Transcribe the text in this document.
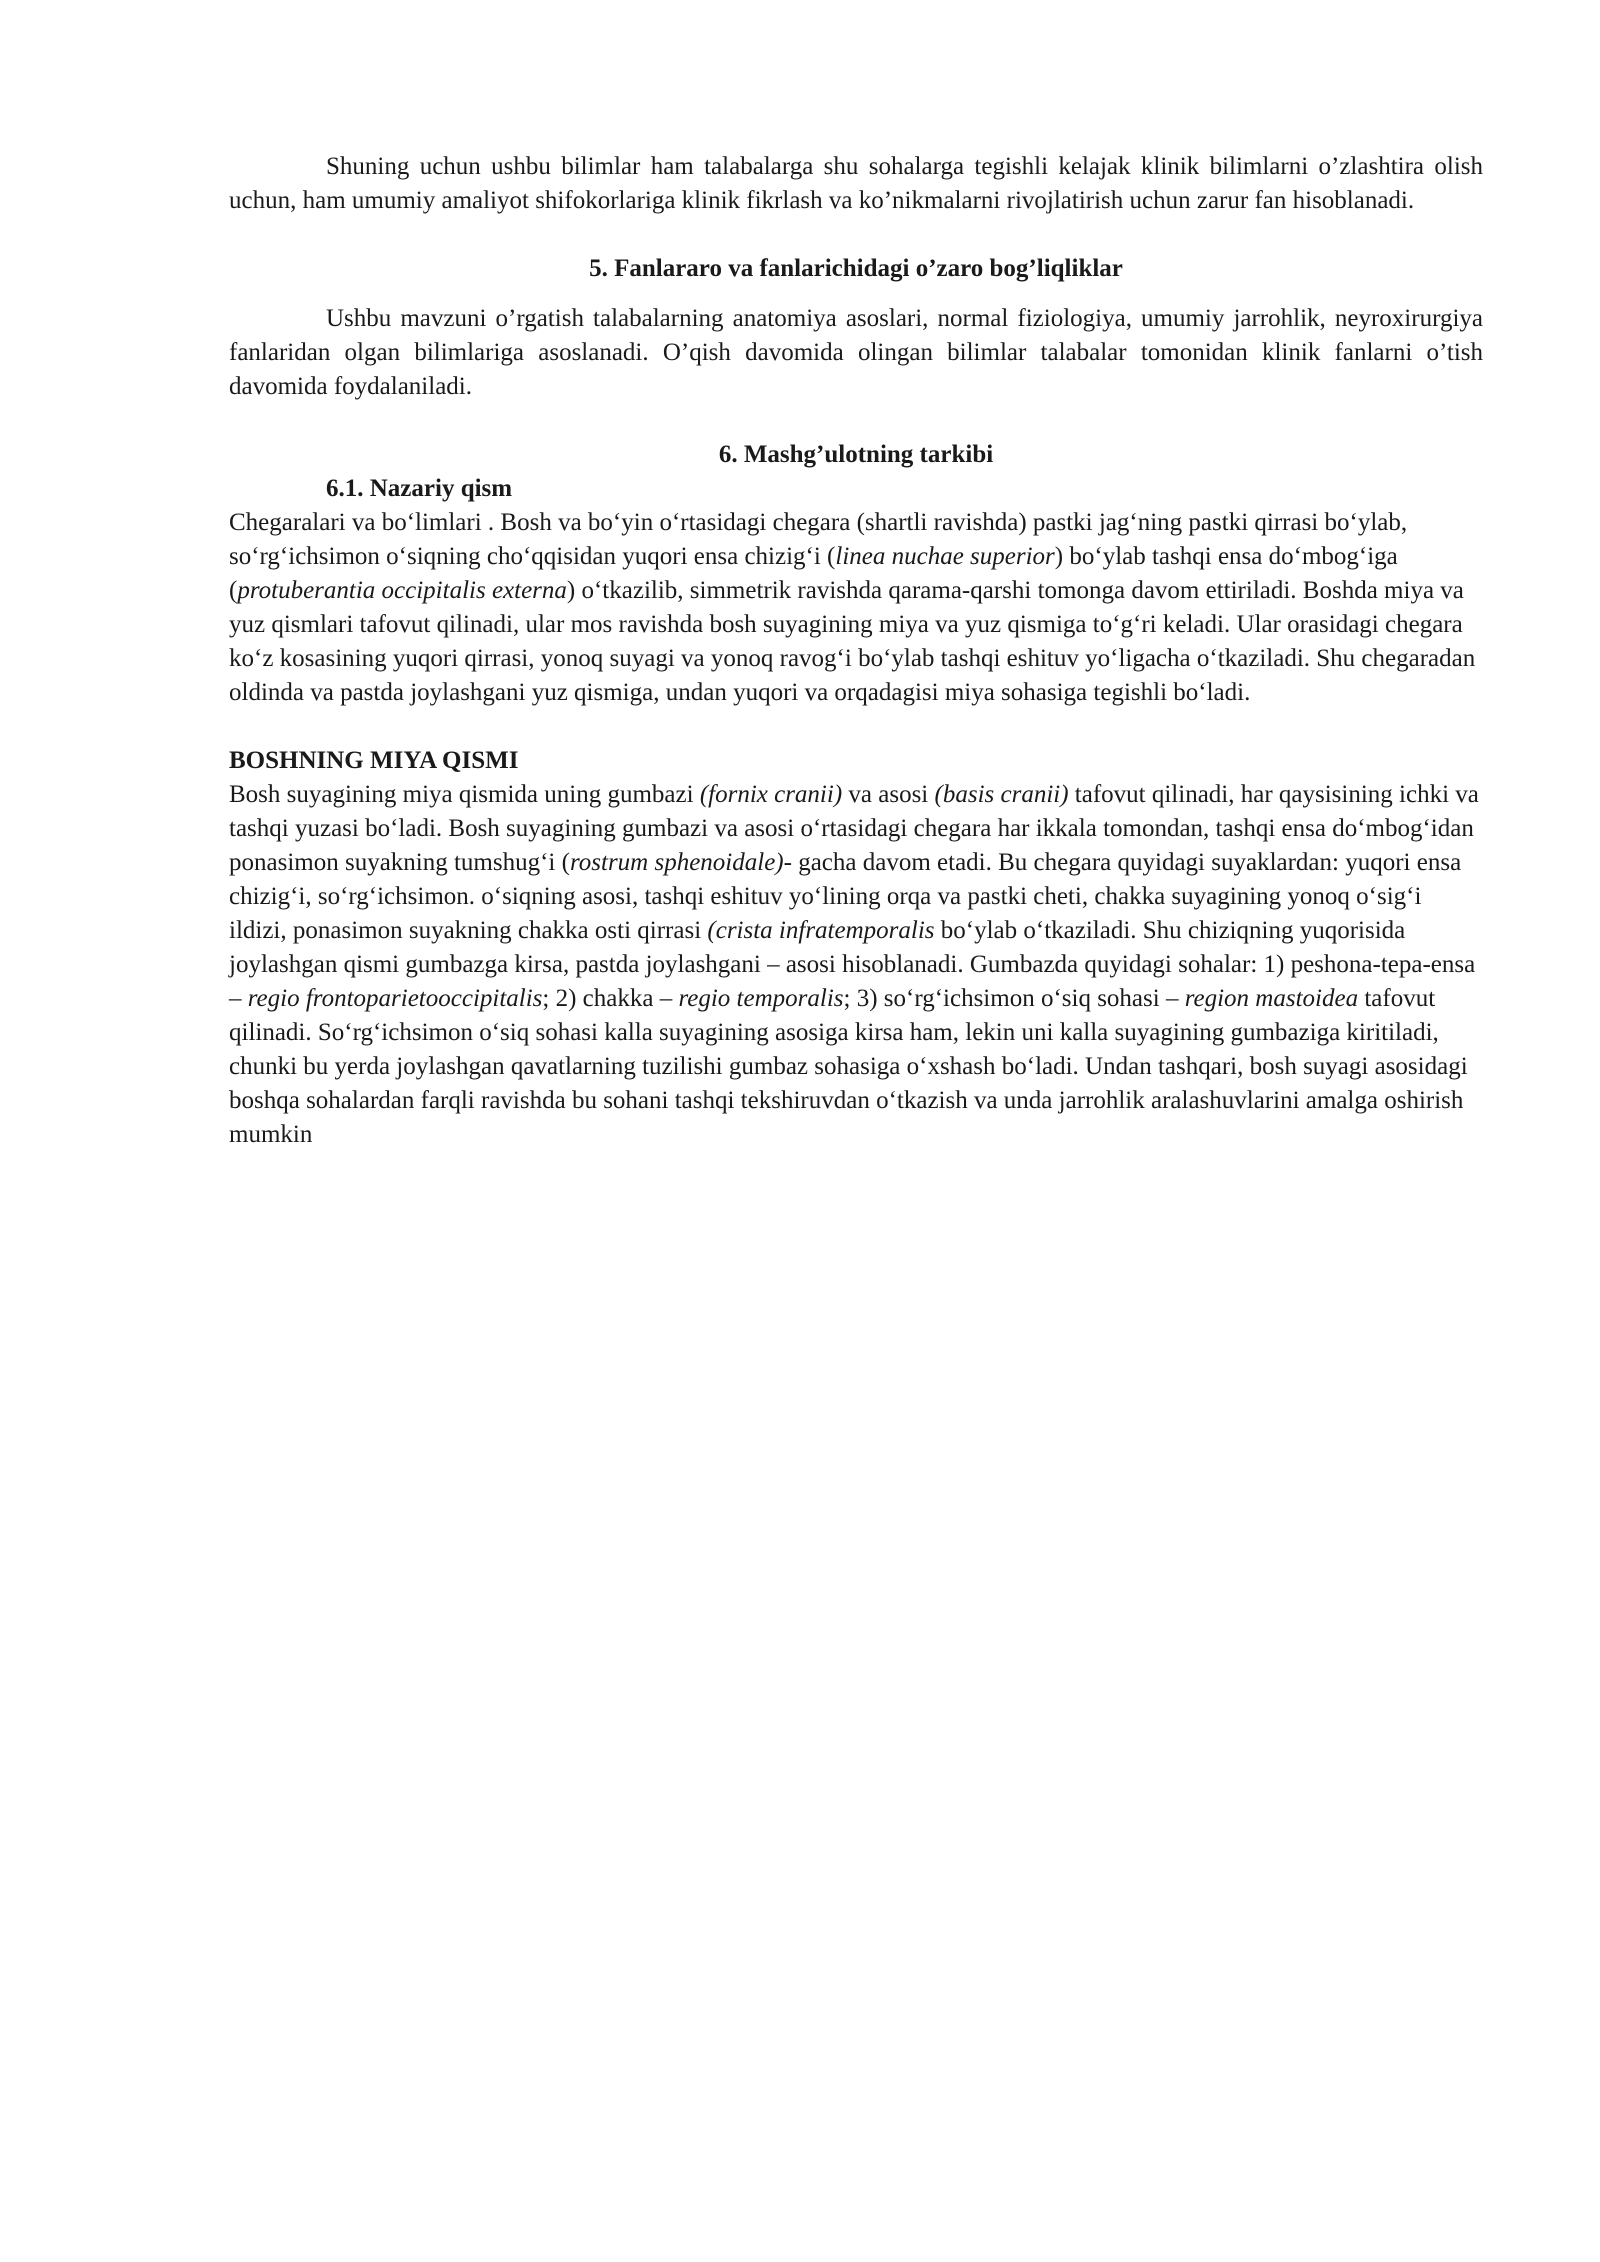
Shuning uchun ushbu bilimlar ham talabalarga shu sohalarga tegishli kelajak klinik bilimlarni o’zlashtira olish uchun, ham umumiy amaliyot shifokorlariga klinik fikrlash va ko’nikmalarni rivojlatirish uchun zarur fan hisoblanadi.

5. Fanlararo va fanlarichidagi o’zaro bog’liqliklar

Ushbu mavzuni o’rgatish talabalarning anatomiya asoslari, normal fiziologiya, umumiy jarrohlik, neyroxirurgiya fanlaridan olgan bilimlariga asoslanadi. O’qish davomida olingan bilimlar talabalar tomonidan klinik fanlarni o’tish davomida foydalaniladi.

6. Mashg’ulotning tarkibi

6.1. Nazariy qism

Chegaralari va bo‘limlari . Bosh va bo‘yin o‘rtasidagi chegara (shartli ravishda) pastki jag‘ning pastki qirrasi bo‘ylab, so‘rg‘ichsimon o‘siqning cho‘qqisidan yuqori ensa chizig‘i (linea nuchae superior) bo‘ylab tashqi ensa do‘mbog‘iga (protuberantia occipitalis externa) o‘tkazilib, simmetrik ravishda qarama-qarshi tomonga davom ettiriladi. Boshda miya va yuz qismlari tafovut qilinadi, ular mos ravishda bosh suyagining miya va yuz qismiga to‘g‘ri keladi. Ular orasidagi chegara ko‘z kosasining yuqori qirrasi, yonoq suyagi va yonoq ravog‘i bo‘ylab tashqi eshituv yo‘ligacha o‘tkaziladi. Shu chegaradan oldinda va pastda joylashgani yuz qismiga, undan yuqori va orqadagisi miya sohasiga tegishli bo‘ladi.

BOSHNING MIYA QISMI

Bosh suyagining miya qismida uning gumbazi (fornix cranii) va asosi (basis cranii) tafovut qilinadi, har qaysisining ichki va tashqi yuzasi bo‘ladi. Bosh suyagining gumbazi va asosi o‘rtasidagi chegara har ikkala tomondan, tashqi ensa do‘mbog‘idan ponasimon suyakning tumshug‘i (rostrum sphenoidale)- gacha davom etadi. Bu chegara quyidagi suyaklardan: yuqori ensa chizig‘i, so‘rg‘ichsimon. o‘siqning asosi, tashqi eshituv yo‘lining orqa va pastki cheti, chakka suyagining yonoq o‘sig‘i ildizi, ponasimon suyakning chakka osti qirrasi (crista infratemporalis bo‘ylab o‘tkaziladi. Shu chiziqning yuqorisida joylashgan qismi gumbazga kirsa, pastda joylashgani – asosi hisoblanadi. Gumbazda quyidagi sohalar: 1) peshona-tepa-ensa – regio frontoparietooccipitalis; 2) chakka – regio temporalis; 3) so‘rg‘ichsimon o‘siq sohasi – region mastoidea tafovut qilinadi. So‘rg‘ichsimon o‘siq sohasi kalla suyagining asosiga kirsa ham, lekin uni kalla suyagining gumbaziga kiritiladi, chunki bu yerda joylashgan qavatlarning tuzilishi gumbaz sohasiga o‘xshash bo‘ladi. Undan tashqari, bosh suyagi asosidagi boshqa sohalardan farqli ravishda bu sohani tashqi tekshiruvdan o‘tkazish va unda jarrohlik aralashuvlarini amalga oshirish mumkin
